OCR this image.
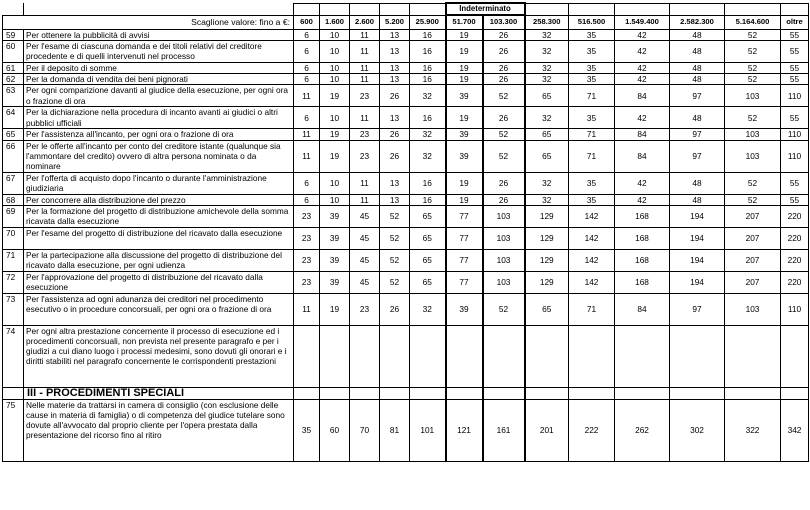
							Indeterminato							
Scaglione valore: fino a €:		600	1.600	2.600	5.200	25.900	51.700	103.300	258.300	516.500	1.549.400	2.582.300	5.164.600	oltre
59	Per ottenere la pubblicità di avvisi	6	10	11	13	16	19	26	32	35	42	48	52	55
60	Per l'esame di ciascuna domanda e dei titoli relativi del creditore procedente e di quelli intervenuti nel processo	6	10	11	13	16	19	26	32	35	42	48	52	55
61	Per il deposito di somme	6	10	11	13	16	19	26	32	35	42	48	52	55
62	Per la domanda di vendita dei beni pignorati	6	10	11	13	16	19	26	32	35	42	48	52	55
63	Per ogni comparizione davanti al giudice della esecuzione, per ogni ora o frazione di ora	11	19	23	26	32	39	52	65	71	84	97	103	110
64	Per la dichiarazione nella procedura di incanto avanti ai giudici o altri pubblici ufficiali	6	10	11	13	16	19	26	32	35	42	48	52	55
65	Per l'assistenza all'incanto, per ogni ora o frazione di ora	11	19	23	26	32	39	52	65	71	84	97	103	110
66	Per le offerte all'incanto per conto del creditore istante (qualunque sia l'ammontare del credito) ovvero di altra persona nominata o da nominare	11	19	23	26	32	39	52	65	71	84	97	103	110
67	Per l'offerta di acquisto dopo l'incanto o durante l'amministrazione giudiziaria	6	10	11	13	16	19	26	32	35	42	48	52	55
68	Per concorrere alla distribuzione del prezzo	6	10	11	13	16	19	26	32	35	42	48	52	55
69	Per la formazione del progetto di distribuzione amichevole della somma ricavata dalla esecuzione	23	39	45	52	65	77	103	129	142	168	194	207	220
70	Per l'esame del progetto di distribuzione del ricavato dalla esecuzione	23	39	45	52	65	77	103	129	142	168	194	207	220
71	Per la partecipazione alla discussione del progetto di distribuzione del ricavato dalla esecuzione, per ogni udienza	23	39	45	52	65	77	103	129	142	168	194	207	220
72	Per l'approvazione del progetto di distribuzione del ricavato dalla esecuzione	23	39	45	52	65	77	103	129	142	168	194	207	220
73	Per l'assistenza ad ogni adunanza dei creditori nel procedimento esecutivo o in procedure concorsuali, per ogni ora o frazione di ora	11	19	23	26	32	39	52	65	71	84	97	103	110
74	Per ogni altra prestazione concernente il processo di esecuzione ed i procedimenti concorsuali, non prevista nel presente paragrafo e per i giudizi a cui diano luogo i processi medesimi, sono dovuti gli onorari e i diritti stabiliti nel paragrafo concernente le corrispondenti prestazioni													
	III - PROCEDIMENTI SPECIALI													
75	Nelle materie da trattarsi in camera di consiglio (con esclusione delle cause in materia di famiglia) o di competenza del giudice tutelare sono dovute all'avvocato dal proprio cliente per l'opera prestata dalla presentazione del ricorso fino al ritiro	35	60	70	81	101	121	161	201	222	262	302	322	342
